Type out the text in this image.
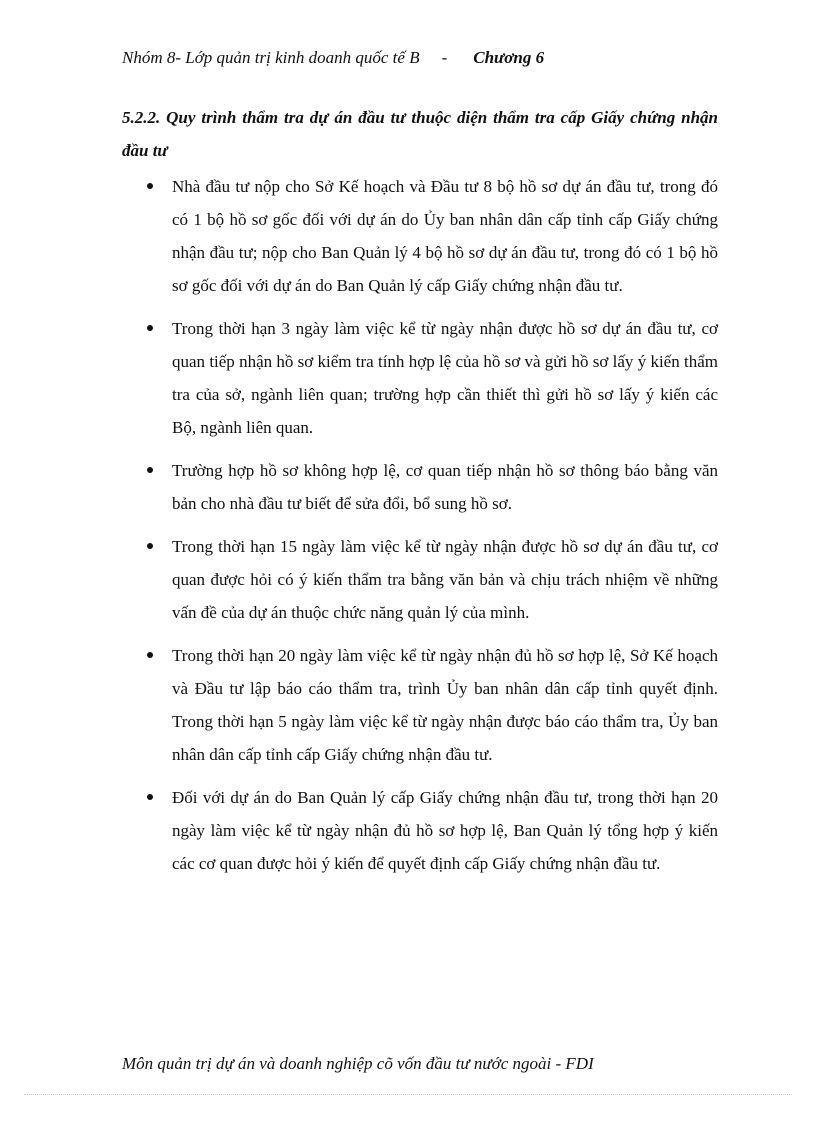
Nhóm 8- Lớp quản trị kinh doanh quốc tế B - Chương 6
5.2.2. Quy trình thẩm tra dự án đầu tư thuộc diện thẩm tra cấp Giấy chứng nhận đầu tư
Nhà đầu tư nộp cho Sở Kế hoạch và Đầu tư 8 bộ hồ sơ dự án đầu tư, trong đó có 1 bộ hồ sơ gốc đối với dự án do Ủy ban nhân dân cấp tỉnh cấp Giấy chứng nhận đầu tư; nộp cho Ban Quản lý 4 bộ hồ sơ dự án đầu tư, trong đó có 1 bộ hồ sơ gốc đối với dự án do Ban Quản lý cấp Giấy chứng nhận đầu tư.
Trong thời hạn 3 ngày làm việc kể từ ngày nhận được hồ sơ dự án đầu tư, cơ quan tiếp nhận hồ sơ kiểm tra tính hợp lệ của hồ sơ và gửi hồ sơ lấy ý kiến thẩm tra của sở, ngành liên quan; trường hợp cần thiết thì gửi hồ sơ lấy ý kiến các Bộ, ngành liên quan.
Trường hợp hồ sơ không hợp lệ, cơ quan tiếp nhận hồ sơ thông báo bằng văn bản cho nhà đầu tư biết để sửa đổi, bổ sung hồ sơ.
Trong thời hạn 15 ngày làm việc kể từ ngày nhận được hồ sơ dự án đầu tư, cơ quan được hỏi có ý kiến thẩm tra bằng văn bản và chịu trách nhiệm về những vấn đề của dự án thuộc chức năng quản lý của mình.
Trong thời hạn 20 ngày làm việc kể từ ngày nhận đủ hồ sơ hợp lệ, Sở Kế hoạch và Đầu tư lập báo cáo thẩm tra, trình Ủy ban nhân dân cấp tỉnh quyết định. Trong thời hạn 5 ngày làm việc kể từ ngày nhận được báo cáo thẩm tra, Ủy ban nhân dân cấp tỉnh cấp Giấy chứng nhận đầu tư.
Đối với dự án do Ban Quản lý cấp Giấy chứng nhận đầu tư, trong thời hạn 20 ngày làm việc kể từ ngày nhận đủ hồ sơ hợp lệ, Ban Quản lý tổng hợp ý kiến các cơ quan được hỏi ý kiến để quyết định cấp Giấy chứng nhận đầu tư.
Môn quản trị dự án và doanh nghiệp cõ vốn đầu tư nước ngoài - FDI
